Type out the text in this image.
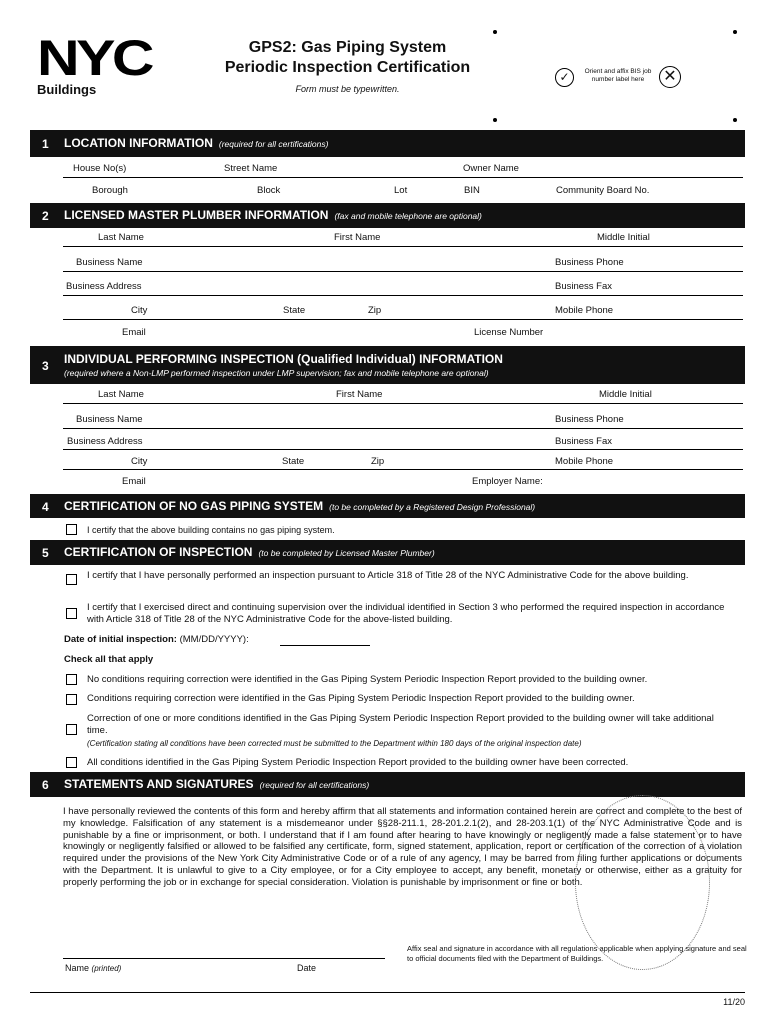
NYC
Buildings
GPS2: Gas Piping System
Periodic Inspection Certification
Form must be typewritten.
✓	Orient and affix BIS job number label here	✕
1 LOCATION INFORMATION (required for all certifications)
House No(s)	Street Name	Owner Name
Borough	Block	Lot	BIN	Community Board No.
2 LICENSED MASTER PLUMBER INFORMATION (fax and mobile telephone are optional)
Last Name	First Name	Middle Initial
Business Name	Business Phone
Business Address	Business Fax
City	State	Zip	Mobile Phone
Email	License Number
3 INDIVIDUAL PERFORMING INSPECTION (Qualified Individual) INFORMATION
(required where a Non-LMP performed inspection under LMP supervision; fax and mobile telephone are optional)
Last Name	First Name	Middle Initial
Business Name	Business Phone
Business Address	Business Fax
City	State	Zip	Mobile Phone
Email	Employer Name:
4 CERTIFICATION OF NO GAS PIPING SYSTEM (to be completed by a Registered Design Professional)
I certify that the above building contains no gas piping system.
5 CERTIFICATION OF INSPECTION (to be completed by Licensed Master Plumber)
I certify that I have personally performed an inspection pursuant to Article 318 of Title 28 of the NYC Administrative Code for the above building.
I certify that I exercised direct and continuing supervision over the individual identified in Section 3 who performed the required inspection in accordance with Article 318 of Title 28 of the NYC Administrative Code for the above-listed building.
Date of initial inspection: (MM/DD/YYYY):
Check all that apply
No conditions requiring correction were identified in the Gas Piping System Periodic Inspection Report provided to the building owner.
Conditions requiring correction were identified in the Gas Piping System Periodic Inspection Report provided to the building owner.
Correction of one or more conditions identified in the Gas Piping System Periodic Inspection Report provided to the building owner will take additional time.
(Certification stating all conditions have been corrected must be submitted to the Department within 180 days of the original inspection date)
All conditions identified in the Gas Piping System Periodic Inspection Report provided to the building owner have been corrected.
6 STATEMENTS AND SIGNATURES (required for all certifications)
I have personally reviewed the contents of this form and hereby affirm that all statements and information contained herein are correct and complete to the best of my knowledge. Falsification of any statement is a misdemeanor under §§28-211.1, 28-201.2.1(2), and 28-203.1(1) of the NYC Administrative Code and is punishable by a fine or imprisonment, or both. I understand that if I am found after hearing to have knowingly or negligently made a false statement or to have knowingly or negligently falsified or allowed to be falsified any certificate, form, signed statement, application, report or certification of the correction of a violation required under the provisions of the New York City Administrative Code or of a rule of any agency, I may be barred from filing further applications or documents with the Department. It is unlawful to give to a City employee, or for a City employee to accept, any benefit, monetary or otherwise, either as a gratuity for properly performing the job or in exchange for special consideration. Violation is punishable by imprisonment or fine or both.
Name (printed)	Date
Affix seal and signature in accordance with all regulations applicable when applying signature and seal to official documents filed with the Department of Buildings.
11/20
